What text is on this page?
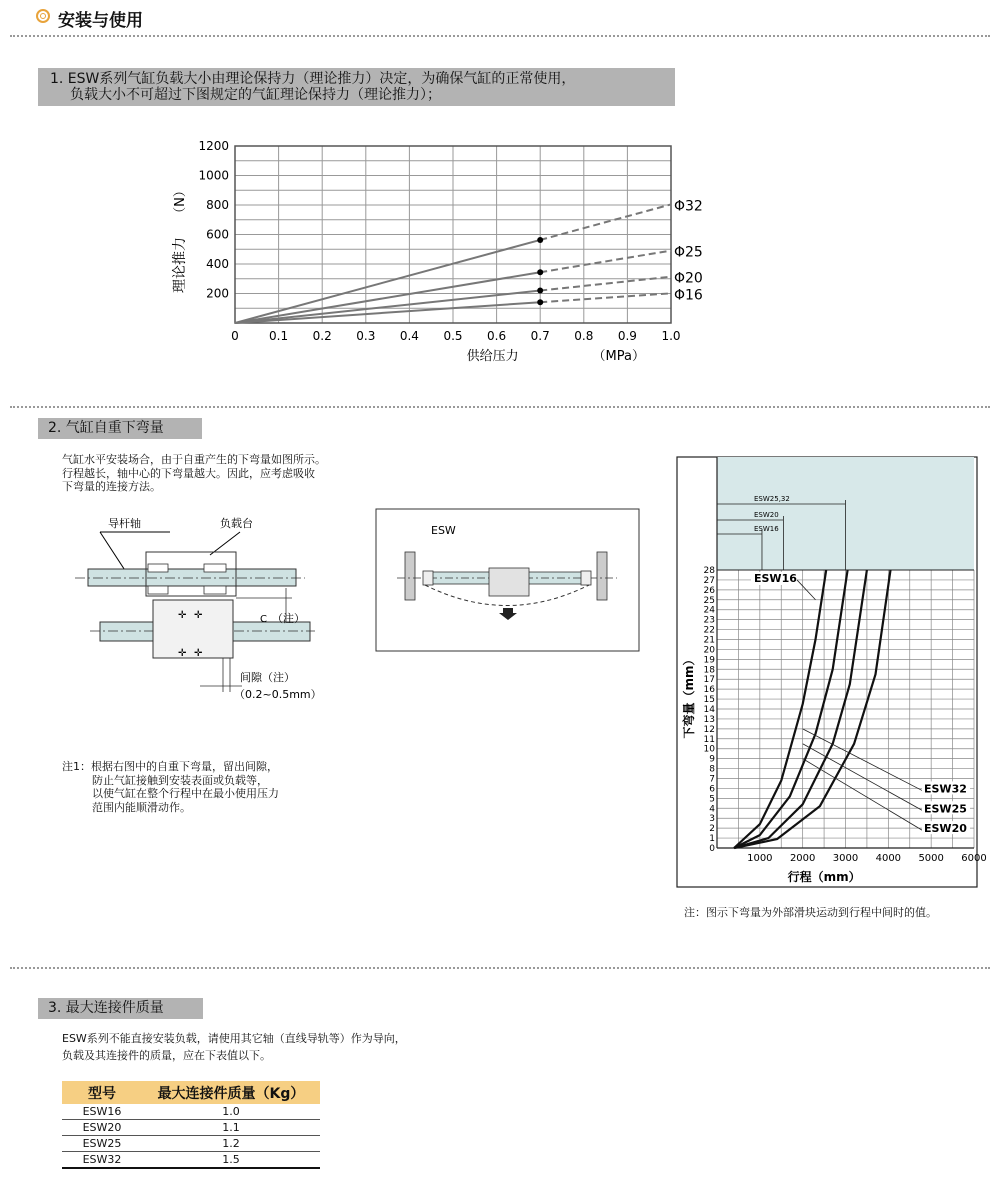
安装与使用
1. ESW系列气缸负载大小由理论保持力（理论推力）决定，为确保气缸的正常使用，
负载大小不可超过下图规定的气缸理论保持力（理论推力）；
0	0.1 0.2 0.3 0.4 0.5 0.6 0.7 0.8 0.9 1.0
200
400
600
800
1000
1200
供给压力	（MPa）
理论推力
（N）	Φ32
Φ25
Φ20
Φ16
2. 气缸自重下弯量
气缸水平安装场合，由于自重产生的下弯量如图所示。
行程越长，轴中心的下弯量越大。因此，应考虑吸收
下弯量的连接方法。
导杆轴	负载台
✛ ✛
✛ ✛
C （注）
间隙（注）
（0.2~0.5mm）
ESW
注1：根据右图中的自重下弯量，留出间隙，
防止气缸接触到安装表面或负载等，
以使气缸在整个行程中在最小使用压力
范围内能顺滑动作。
0
1
2
3
4
5
6
7
8
9
10
11
12
13
14
15
16
17
18
19
20
21
22
23
24
25
26
27
28
1000 2000 3000 4000 5000 6000
行程（mm）
下弯量（mm）
ESW25,32
ESW20
ESW16
ESW16
ESW32
ESW25
ESW20
注：图示下弯量为外部滑块运动到行程中间时的值。
3. 最大连接件质量
ESW系列不能直接安装负载，请使用其它轴（直线导轨等）作为导向，
负载及其连接件的质量，应在下表值以下。
型号	最大连接件质量（Kg）
ESW16	1.0
ESW20	1.1
ESW25	1.2
ESW32	1.5
